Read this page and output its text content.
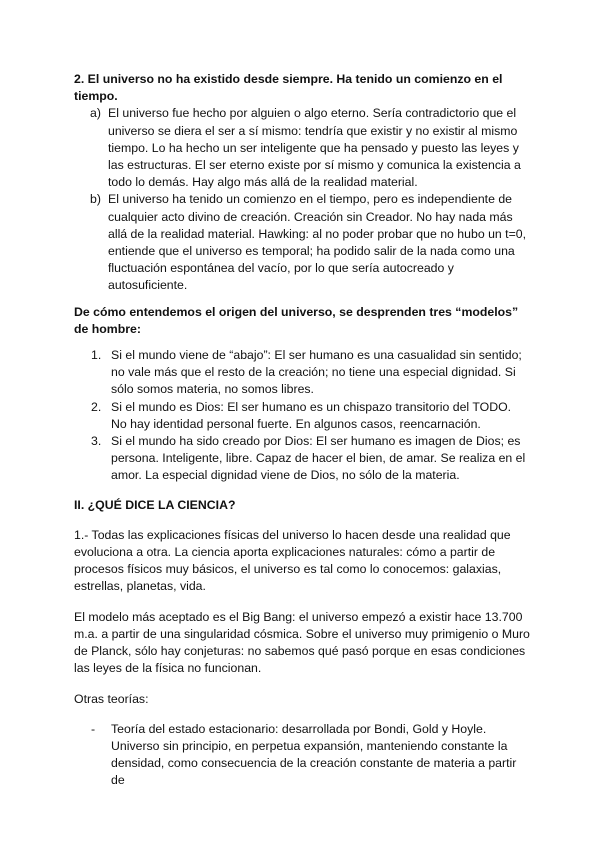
2. El universo no ha existido desde siempre. Ha tenido un comienzo en el tiempo.

a) El universo fue hecho por alguien o algo eterno. Sería contradictorio que el universo se diera el ser a sí mismo: tendría que existir y no existir al mismo tiempo. Lo ha hecho un ser inteligente que ha pensado y puesto las leyes y las estructuras. El ser eterno existe por sí mismo y comunica la existencia a todo lo demás. Hay algo más allá de la realidad material.
b) El universo ha tenido un comienzo en el tiempo, pero es independiente de cualquier acto divino de creación. Creación sin Creador. No hay nada más allá de la realidad material. Hawking: al no poder probar que no hubo un t=0, entiende que el universo es temporal; ha podido salir de la nada como una fluctuación espontánea del vacío, por lo que sería autocreado y autosuficiente.

De cómo entendemos el origen del universo, se desprenden tres “modelos” de hombre:

1. Si el mundo viene de “abajo”: El ser humano es una casualidad sin sentido; no vale más que el resto de la creación; no tiene una especial dignidad. Si sólo somos materia, no somos libres.
2. Si el mundo es Dios: El ser humano es un chispazo transitorio del TODO. No hay identidad personal fuerte. En algunos casos, reencarnación.
3. Si el mundo ha sido creado por Dios: El ser humano es imagen de Dios; es persona. Inteligente, libre. Capaz de hacer el bien, de amar. Se realiza en el amor. La especial dignidad viene de Dios, no sólo de la materia.

II. ¿QUÉ DICE LA CIENCIA?

1.- Todas las explicaciones físicas del universo lo hacen desde una realidad que evoluciona a otra. La ciencia aporta explicaciones naturales: cómo a partir de procesos físicos muy básicos, el universo es tal como lo conocemos: galaxias, estrellas, planetas, vida.

El modelo más aceptado es el Big Bang: el universo empezó a existir hace 13.700 m.a. a partir de una singularidad cósmica. Sobre el universo muy primigenio o Muro de Planck, sólo hay conjeturas: no sabemos qué pasó porque en esas condiciones las leyes de la física no funcionan.

Otras teorías:

- Teoría del estado estacionario: desarrollada por Bondi, Gold y Hoyle. Universo sin principio, en perpetua expansión, manteniendo constante la densidad, como consecuencia de la creación constante de materia a partir de
